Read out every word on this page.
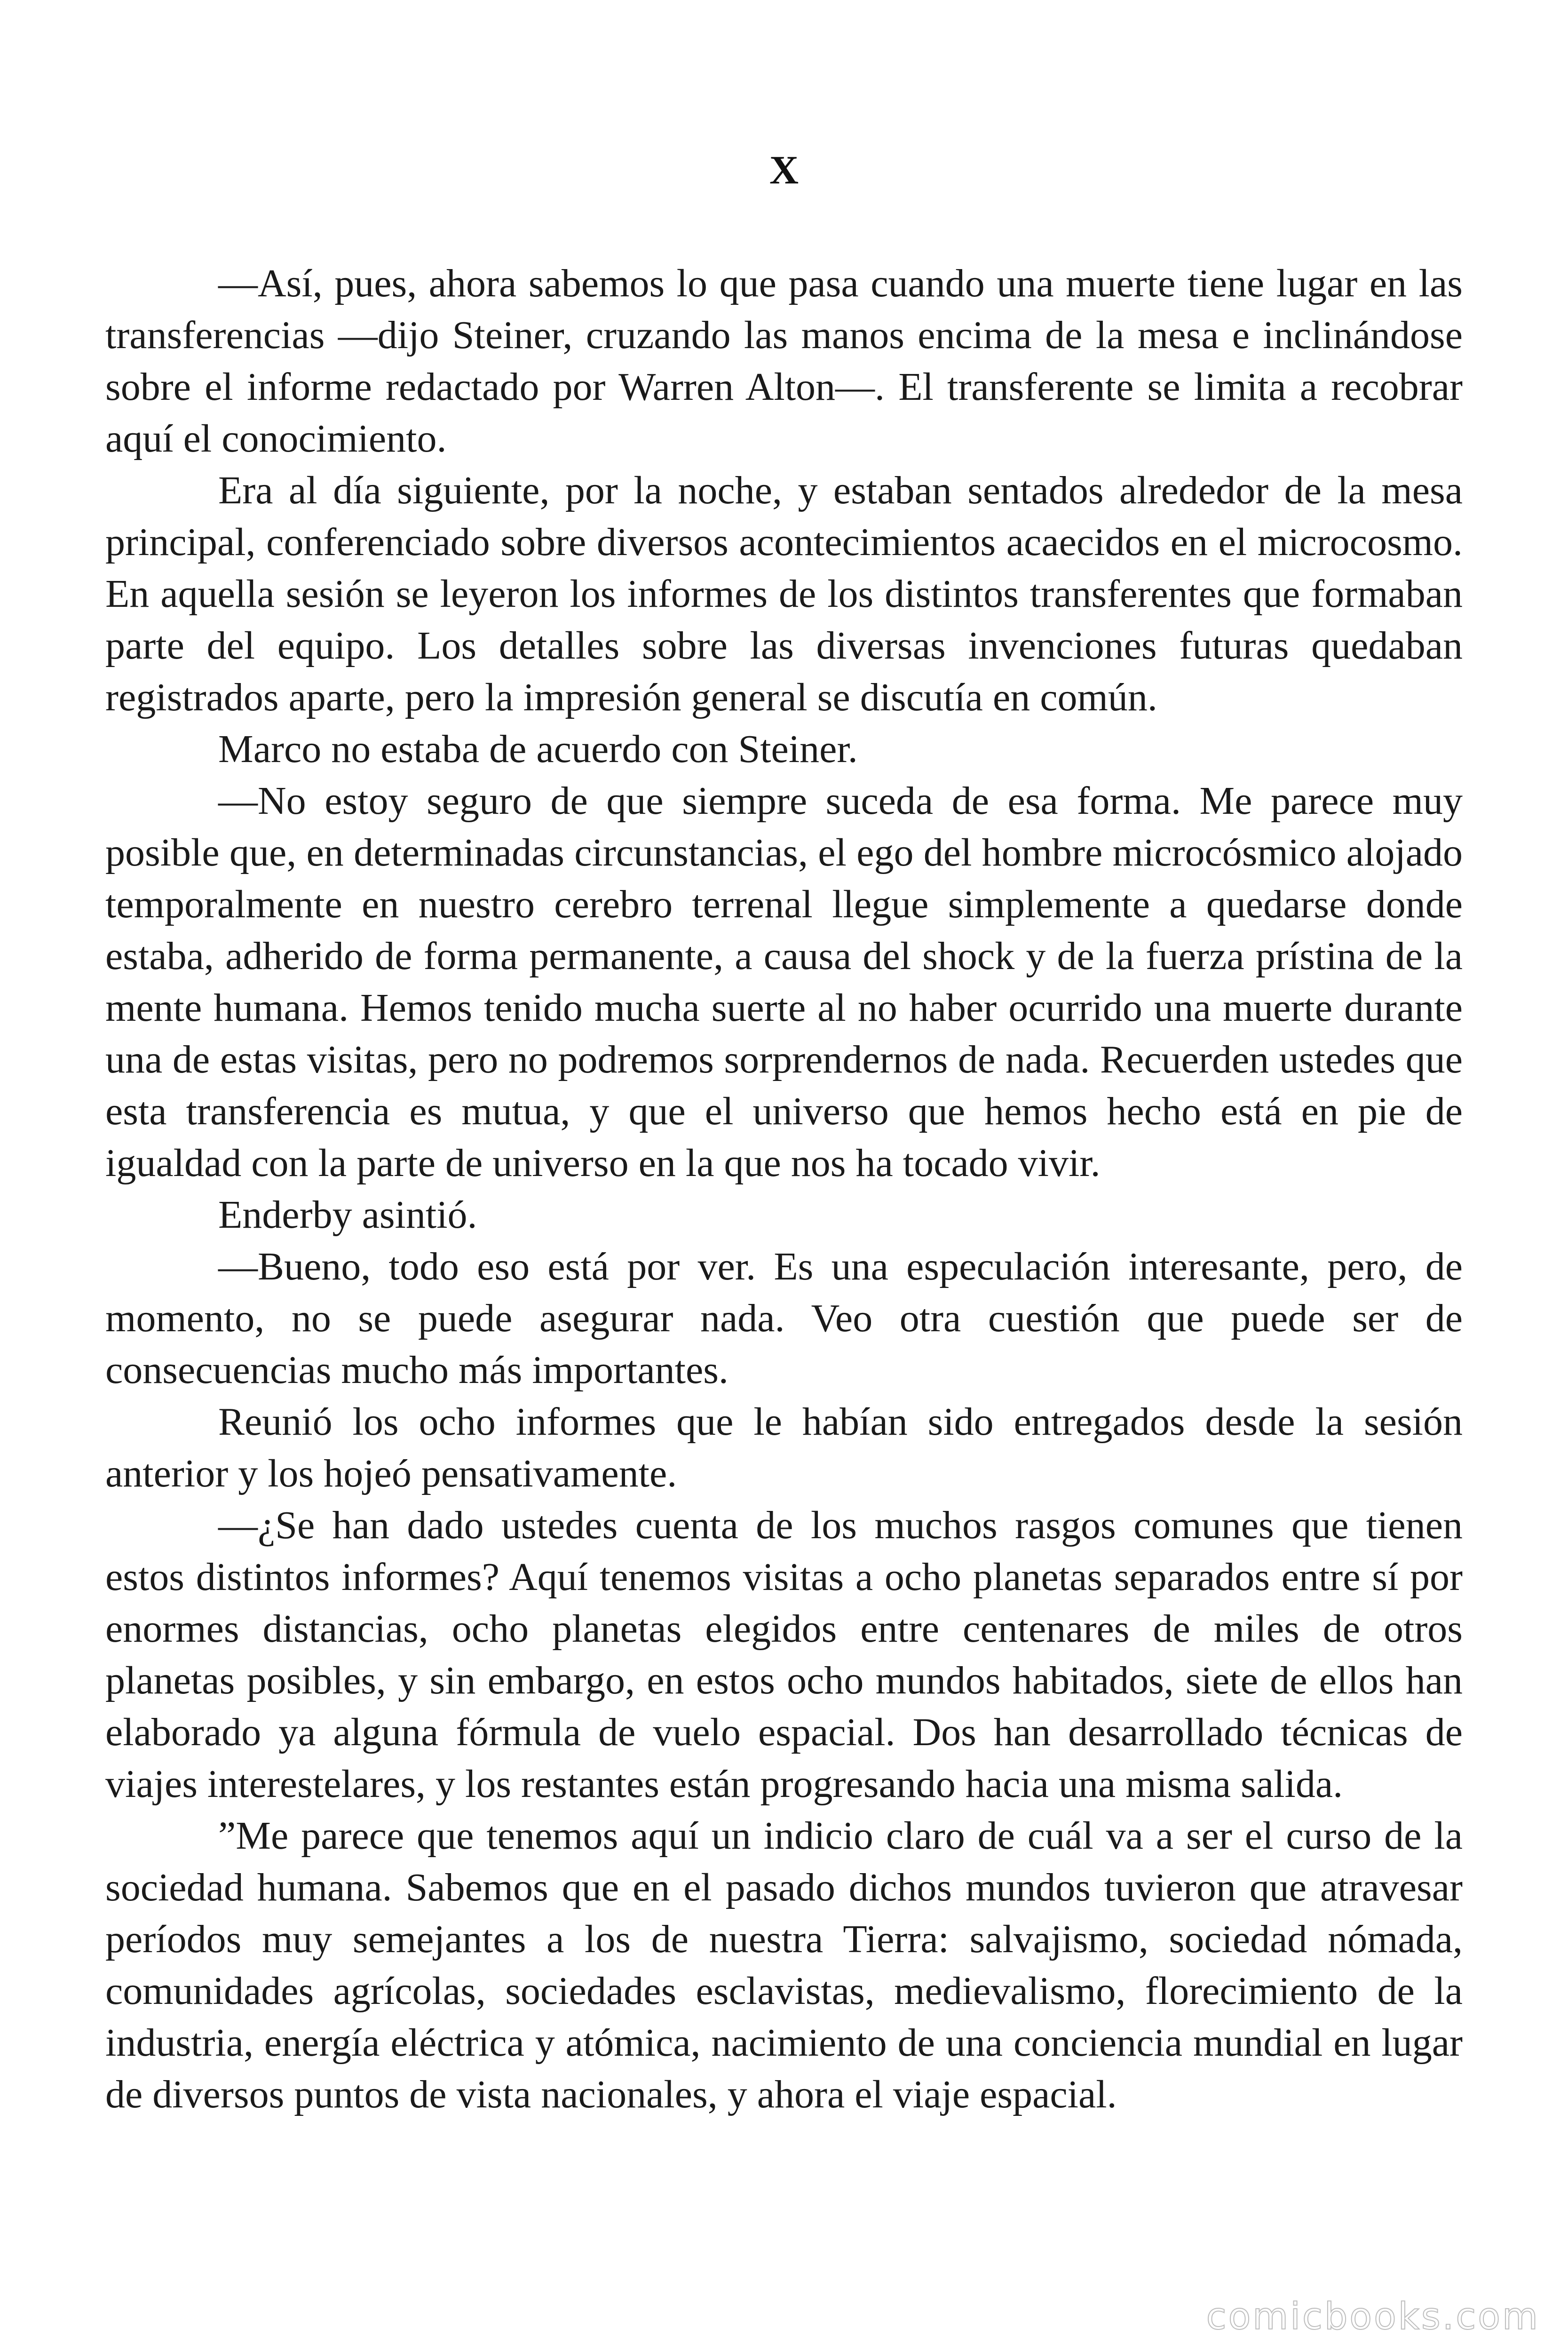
X

—Así, pues, ahora sabemos lo que pasa cuando una muerte tiene lugar en las transferencias —dijo Steiner, cruzando las manos encima de la mesa e inclinándose sobre el informe redactado por Warren Alton—. El transferente se limita a recobrar aquí el conocimiento.

Era al día siguiente, por la noche, y estaban sentados alrededor de la mesa principal, conferenciado sobre diversos acontecimientos acaecidos en el microcosmo. En aquella sesión se leyeron los informes de los distintos transferentes que formaban parte del equipo. Los detalles sobre las diversas invenciones futuras quedaban registrados aparte, pero la impresión general se discutía en común.

Marco no estaba de acuerdo con Steiner.

—No estoy seguro de que siempre suceda de esa forma. Me parece muy posible que, en determinadas circunstancias, el ego del hombre microcósmico alojado temporalmente en nuestro cerebro terrenal llegue simplemente a quedarse donde estaba, adherido de forma permanente, a causa del shock y de la fuerza prístina de la mente humana. Hemos tenido mucha suerte al no haber ocurrido una muerte durante una de estas visitas, pero no podremos sorprendernos de nada. Recuerden ustedes que esta transferencia es mutua, y que el universo que hemos hecho está en pie de igualdad con la parte de universo en la que nos ha tocado vivir.

Enderby asintió.

—Bueno, todo eso está por ver. Es una especulación interesante, pero, de momento, no se puede asegurar nada. Veo otra cuestión que puede ser de consecuencias mucho más importantes.

Reunió los ocho informes que le habían sido entregados desde la sesión anterior y los hojeó pensativamente.

—¿Se han dado ustedes cuenta de los muchos rasgos comunes que tienen estos distintos informes? Aquí tenemos visitas a ocho planetas separados entre sí por enormes distancias, ocho planetas elegidos entre centenares de miles de otros planetas posibles, y sin embargo, en estos ocho mundos habitados, siete de ellos han elaborado ya alguna fórmula de vuelo espacial. Dos han desarrollado técnicas de viajes interestelares, y los restantes están progresando hacia una misma salida.

”Me parece que tenemos aquí un indicio claro de cuál va a ser el curso de la sociedad humana. Sabemos que en el pasado dichos mundos tuvieron que atravesar períodos muy semejantes a los de nuestra Tierra: salvajismo, sociedad nómada, comunidades agrícolas, sociedades esclavistas, medievalismo, florecimiento de la industria, energía eléctrica y atómica, nacimiento de una conciencia mundial en lugar de diversos puntos de vista nacionales, y ahora el viaje espacial.

comicbooks.com
